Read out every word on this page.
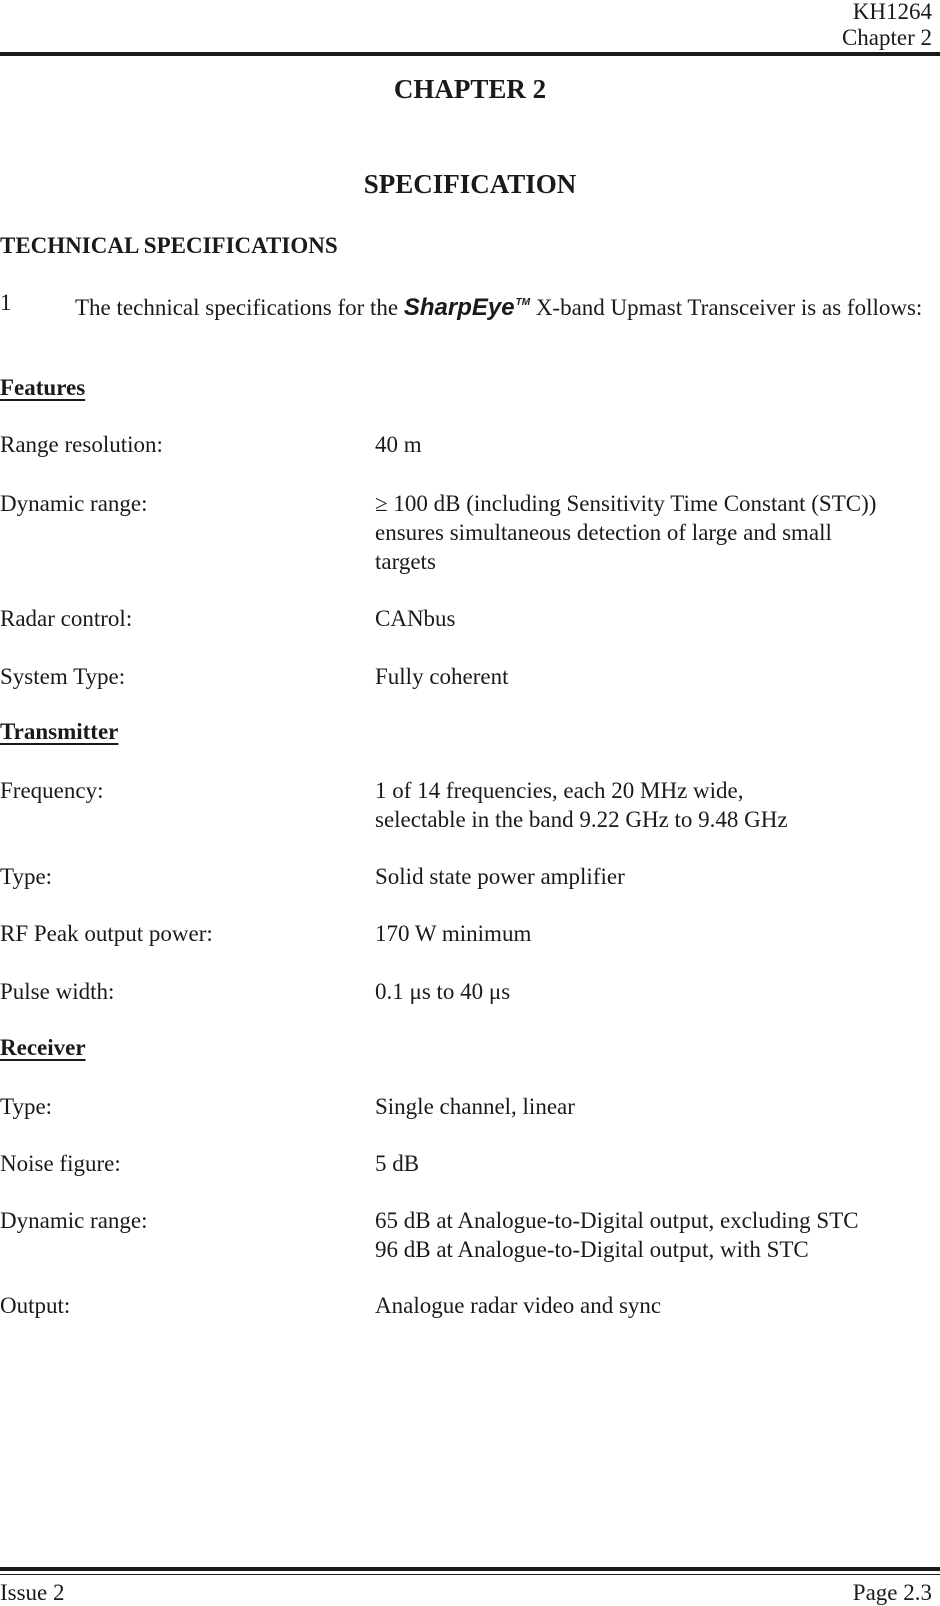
KH1264
Chapter 2
CHAPTER 2
SPECIFICATION
TECHNICAL SPECIFICATIONS
1	The technical specifications for the SharpEye™ X-band Upmast Transceiver is as follows:
Features
Range resolution:	40 m
Dynamic range:	≥ 100 dB (including Sensitivity Time Constant (STC))
ensures simultaneous detection of large and small
targets
Radar control:	CANbus
System Type:	Fully coherent
Transmitter
Frequency:	1 of 14 frequencies, each 20 MHz wide,
selectable in the band 9.22 GHz to 9.48 GHz
Type:	Solid state power amplifier
RF Peak output power:	170 W minimum
Pulse width:	0.1 μs to 40 μs
Receiver
Type:	Single channel, linear
Noise figure:	5 dB
Dynamic range:	65 dB at Analogue-to-Digital output, excluding STC
96 dB at Analogue-to-Digital output, with STC
Output:	Analogue radar video and sync
Issue 2	Page 2.3
